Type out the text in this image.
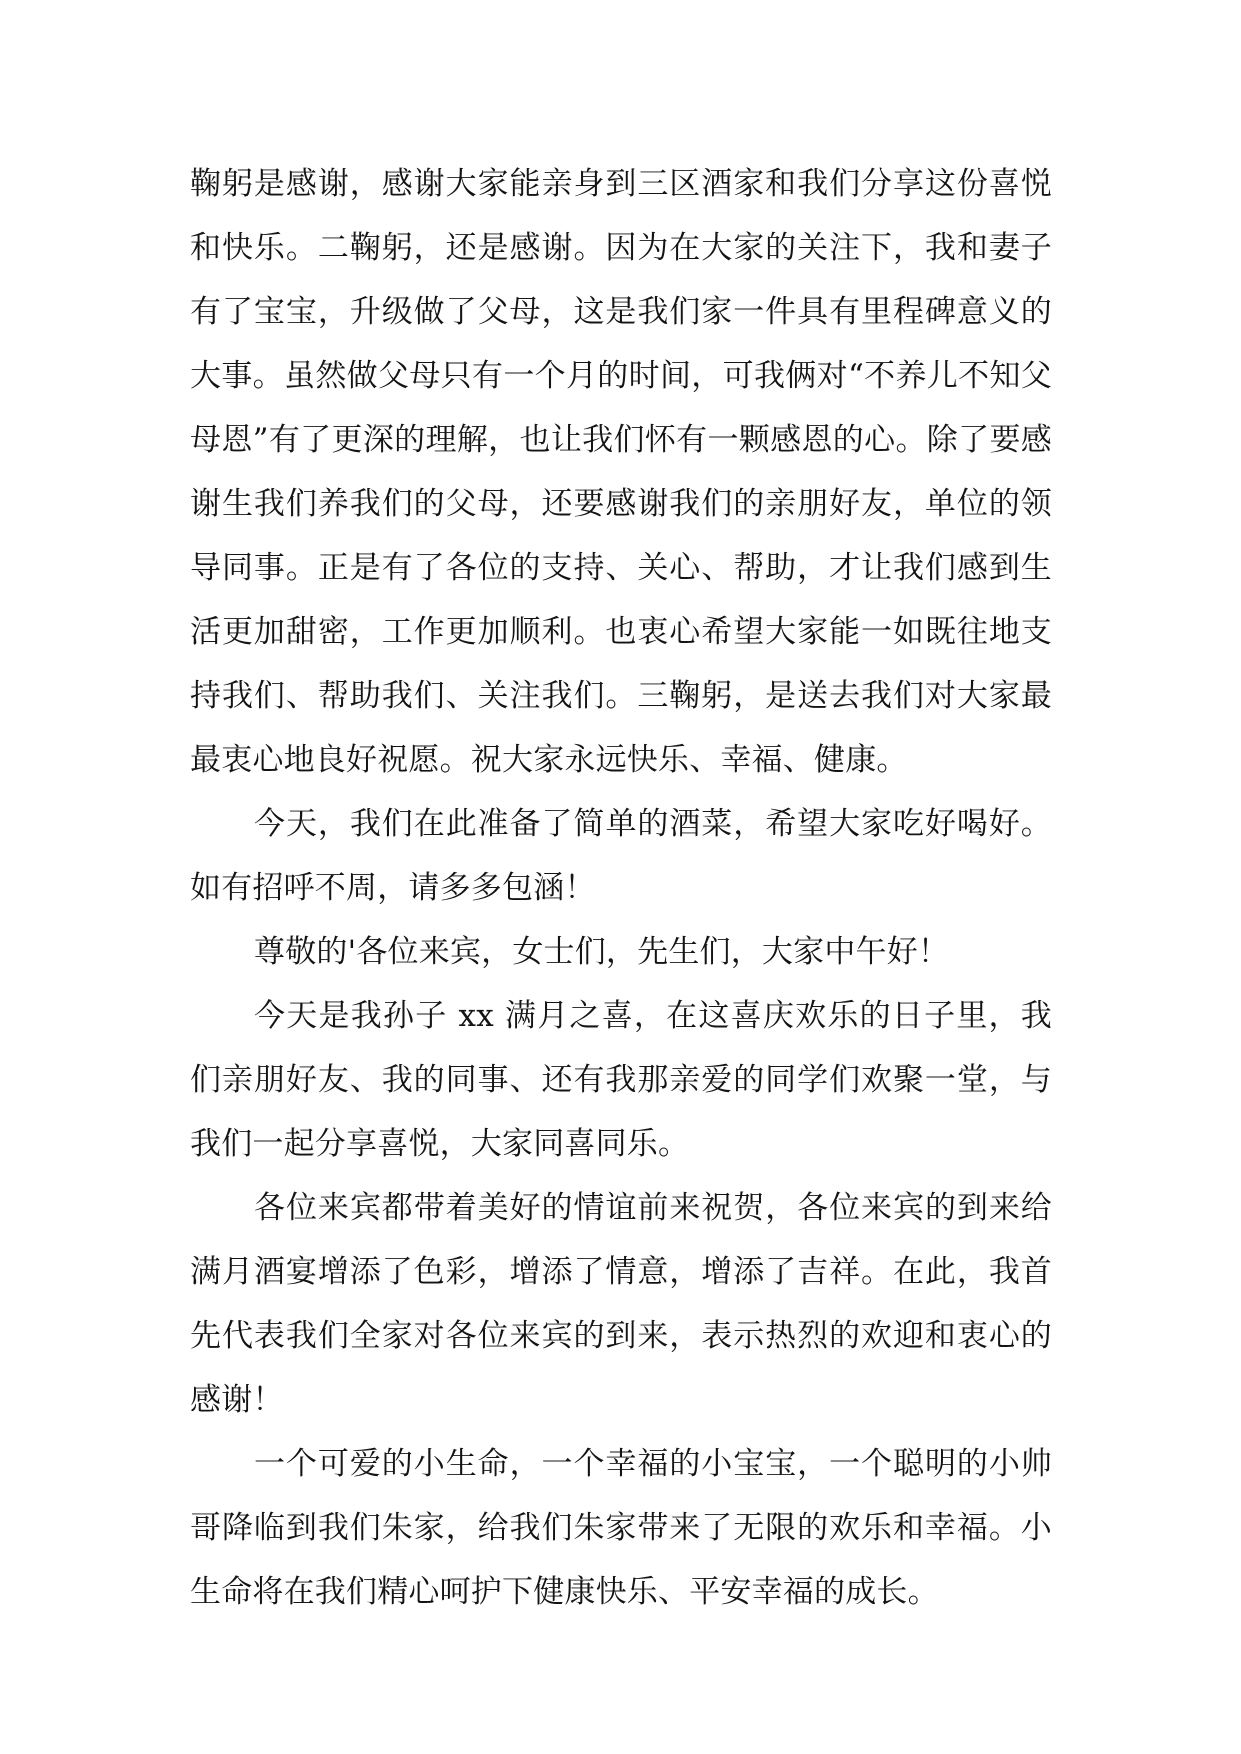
鞠躬是感谢，感谢大家能亲身到三区酒家和我们分享这份喜悦和快乐。二鞠躬，还是感谢。因为在大家的关注下，我和妻子有了宝宝，升级做了父母，这是我们家一件具有里程碑意义的大事。虽然做父母只有一个月的时间，可我俩对“不养儿不知父母恩”有了更深的理解，也让我们怀有一颗感恩的心。除了要感谢生我们养我们的父母，还要感谢我们的亲朋好友，单位的领导同事。正是有了各位的支持、关心、帮助，才让我们感到生活更加甜密，工作更加顺利。也衷心希望大家能一如既往地支持我们、帮助我们、关注我们。三鞠躬，是送去我们对大家最最衷心地良好祝愿。祝大家永远快乐、幸福、健康。

今天，我们在此准备了简单的酒菜，希望大家吃好喝好。如有招呼不周，请多多包涵！

尊敬的'各位来宾，女士们，先生们，大家中午好！

今天是我孙子 xx 满月之喜，在这喜庆欢乐的日子里，我们亲朋好友、我的同事、还有我那亲爱的同学们欢聚一堂，与我们一起分享喜悦，大家同喜同乐。

各位来宾都带着美好的情谊前来祝贺，各位来宾的到来给满月酒宴增添了色彩，增添了情意，增添了吉祥。在此，我首先代表我们全家对各位来宾的到来，表示热烈的欢迎和衷心的感谢！

一个可爱的小生命，一个幸福的小宝宝，一个聪明的小帅哥降临到我们朱家，给我们朱家带来了无限的欢乐和幸福。小生命将在我们精心呵护下健康快乐、平安幸福的成长。
